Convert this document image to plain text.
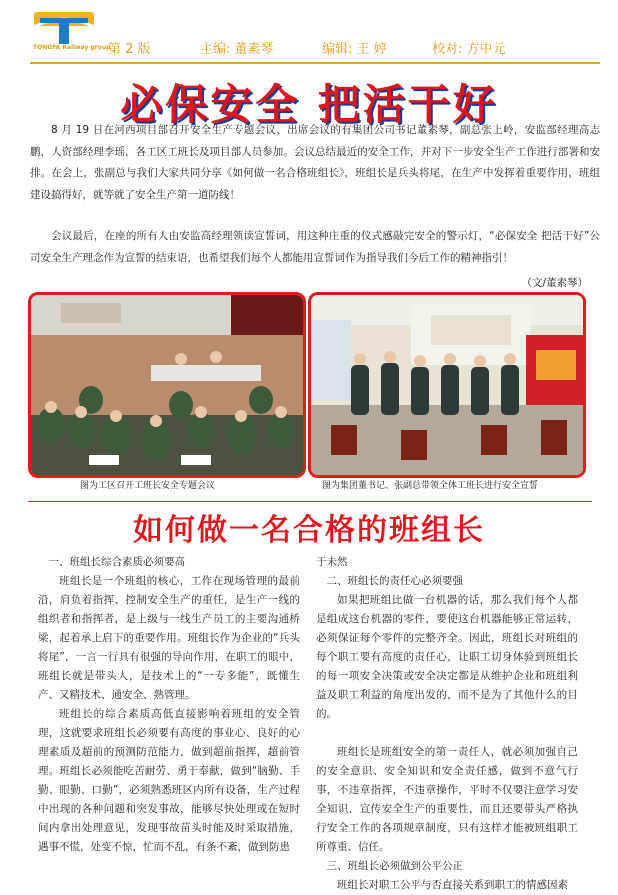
TONGFA Railway group
第 2 版	主编: 董素琴	编辑: 王 婷	校对: 方中元
必保安全 把活干好

8 月 19 日在河西项目部召开安全生产专题会议，出席会议的有集团公司书记董素琴，副总张上岭，安监部经理高志鹏，人资部经理李瑶，各工区工班长及项目部人员参加。会议总结最近的安全工作，并对下一步安全生产工作进行部署和安排。在会上，张副总与我们大家共同分享《如何做一名合格班组长》，班组长是兵头将尾，在生产中发挥着重要作用，班组建设搞得好，就等就了安全生产第一道防线！

会议最后，在座的所有人由安监高经理领读宣誓词，用这种庄重的仪式感敲完安全的警示灯，“必保安全 把活干好”公司安全生产理念作为宣誓的结束语，也希望我们每个人都能用宣誓词作为指导我们今后工作的精神指引！

（文/董素琴）
图为工区召开工班长安全专题会议	图为集团董书记、张副总带领全体工班长进行安全宣誓
如何做一名合格的班组长

一、班组长综合素质必须要高

班组长是一个班组的核心，工作在现场管理的最前沿，肩负着指挥、控制安全生产的重任，是生产一线的组织者和指挥者，是上级与一线生产员工的主要沟通桥梁，起着承上启下的重要作用。班组长作为企业的“兵头将尾”，一言一行具有很强的导向作用，在职工的眼中，班组长就是带头人，是技术上的“一专多能”，既懂生产、又精技术、通安全、熟管理。

班组长的综合素质高低直接影响着班组的安全管理，这就要求班组长必须要有高度的事业心、良好的心理素质及超前的预测防范能力，做到超前指挥，超前管理。班组长必须能吃苦耐劳、勇于奉献，做到“脑勤、手勤、眼勤、口勤”，必须熟悉班区内所有设备，生产过程中出现的各种问题和突发事故，能够尽快处理或在短时间内拿出处理意见，发现事故苗头时能及时采取措施，遇事不慌，处变不惊，忙而不乱，有条不紊，做到防患

于未然

二、班组长的责任心必须要强

如果把班组比做一台机器的话，那么我们每个人都是组成这台机器的零件，要使这台机器能够正常运转，必须保证每个零件的完整齐全。因此，班组长对班组的每个职工要有高度的责任心，让职工切身体验到班组长的每一项安全决策或安全决定都是从维护企业和班组利益及职工利益的角度出发的，而不是为了其他什么的目的。

班组长是班组安全的第一责任人，就必须加强自己的安全意识、安全知识和安全责任感，做到不意气行事，不违章指挥，不违章操作，平时不仅要注意学习安全知识，宣传安全生产的重要性，而且还要带头严格执行安全工作的各项规章制度，只有这样才能被班组职工所尊重、信任。

三、班组长必须做到公平公正

班组长对职工公平与否直接关系到职工的情感因素
